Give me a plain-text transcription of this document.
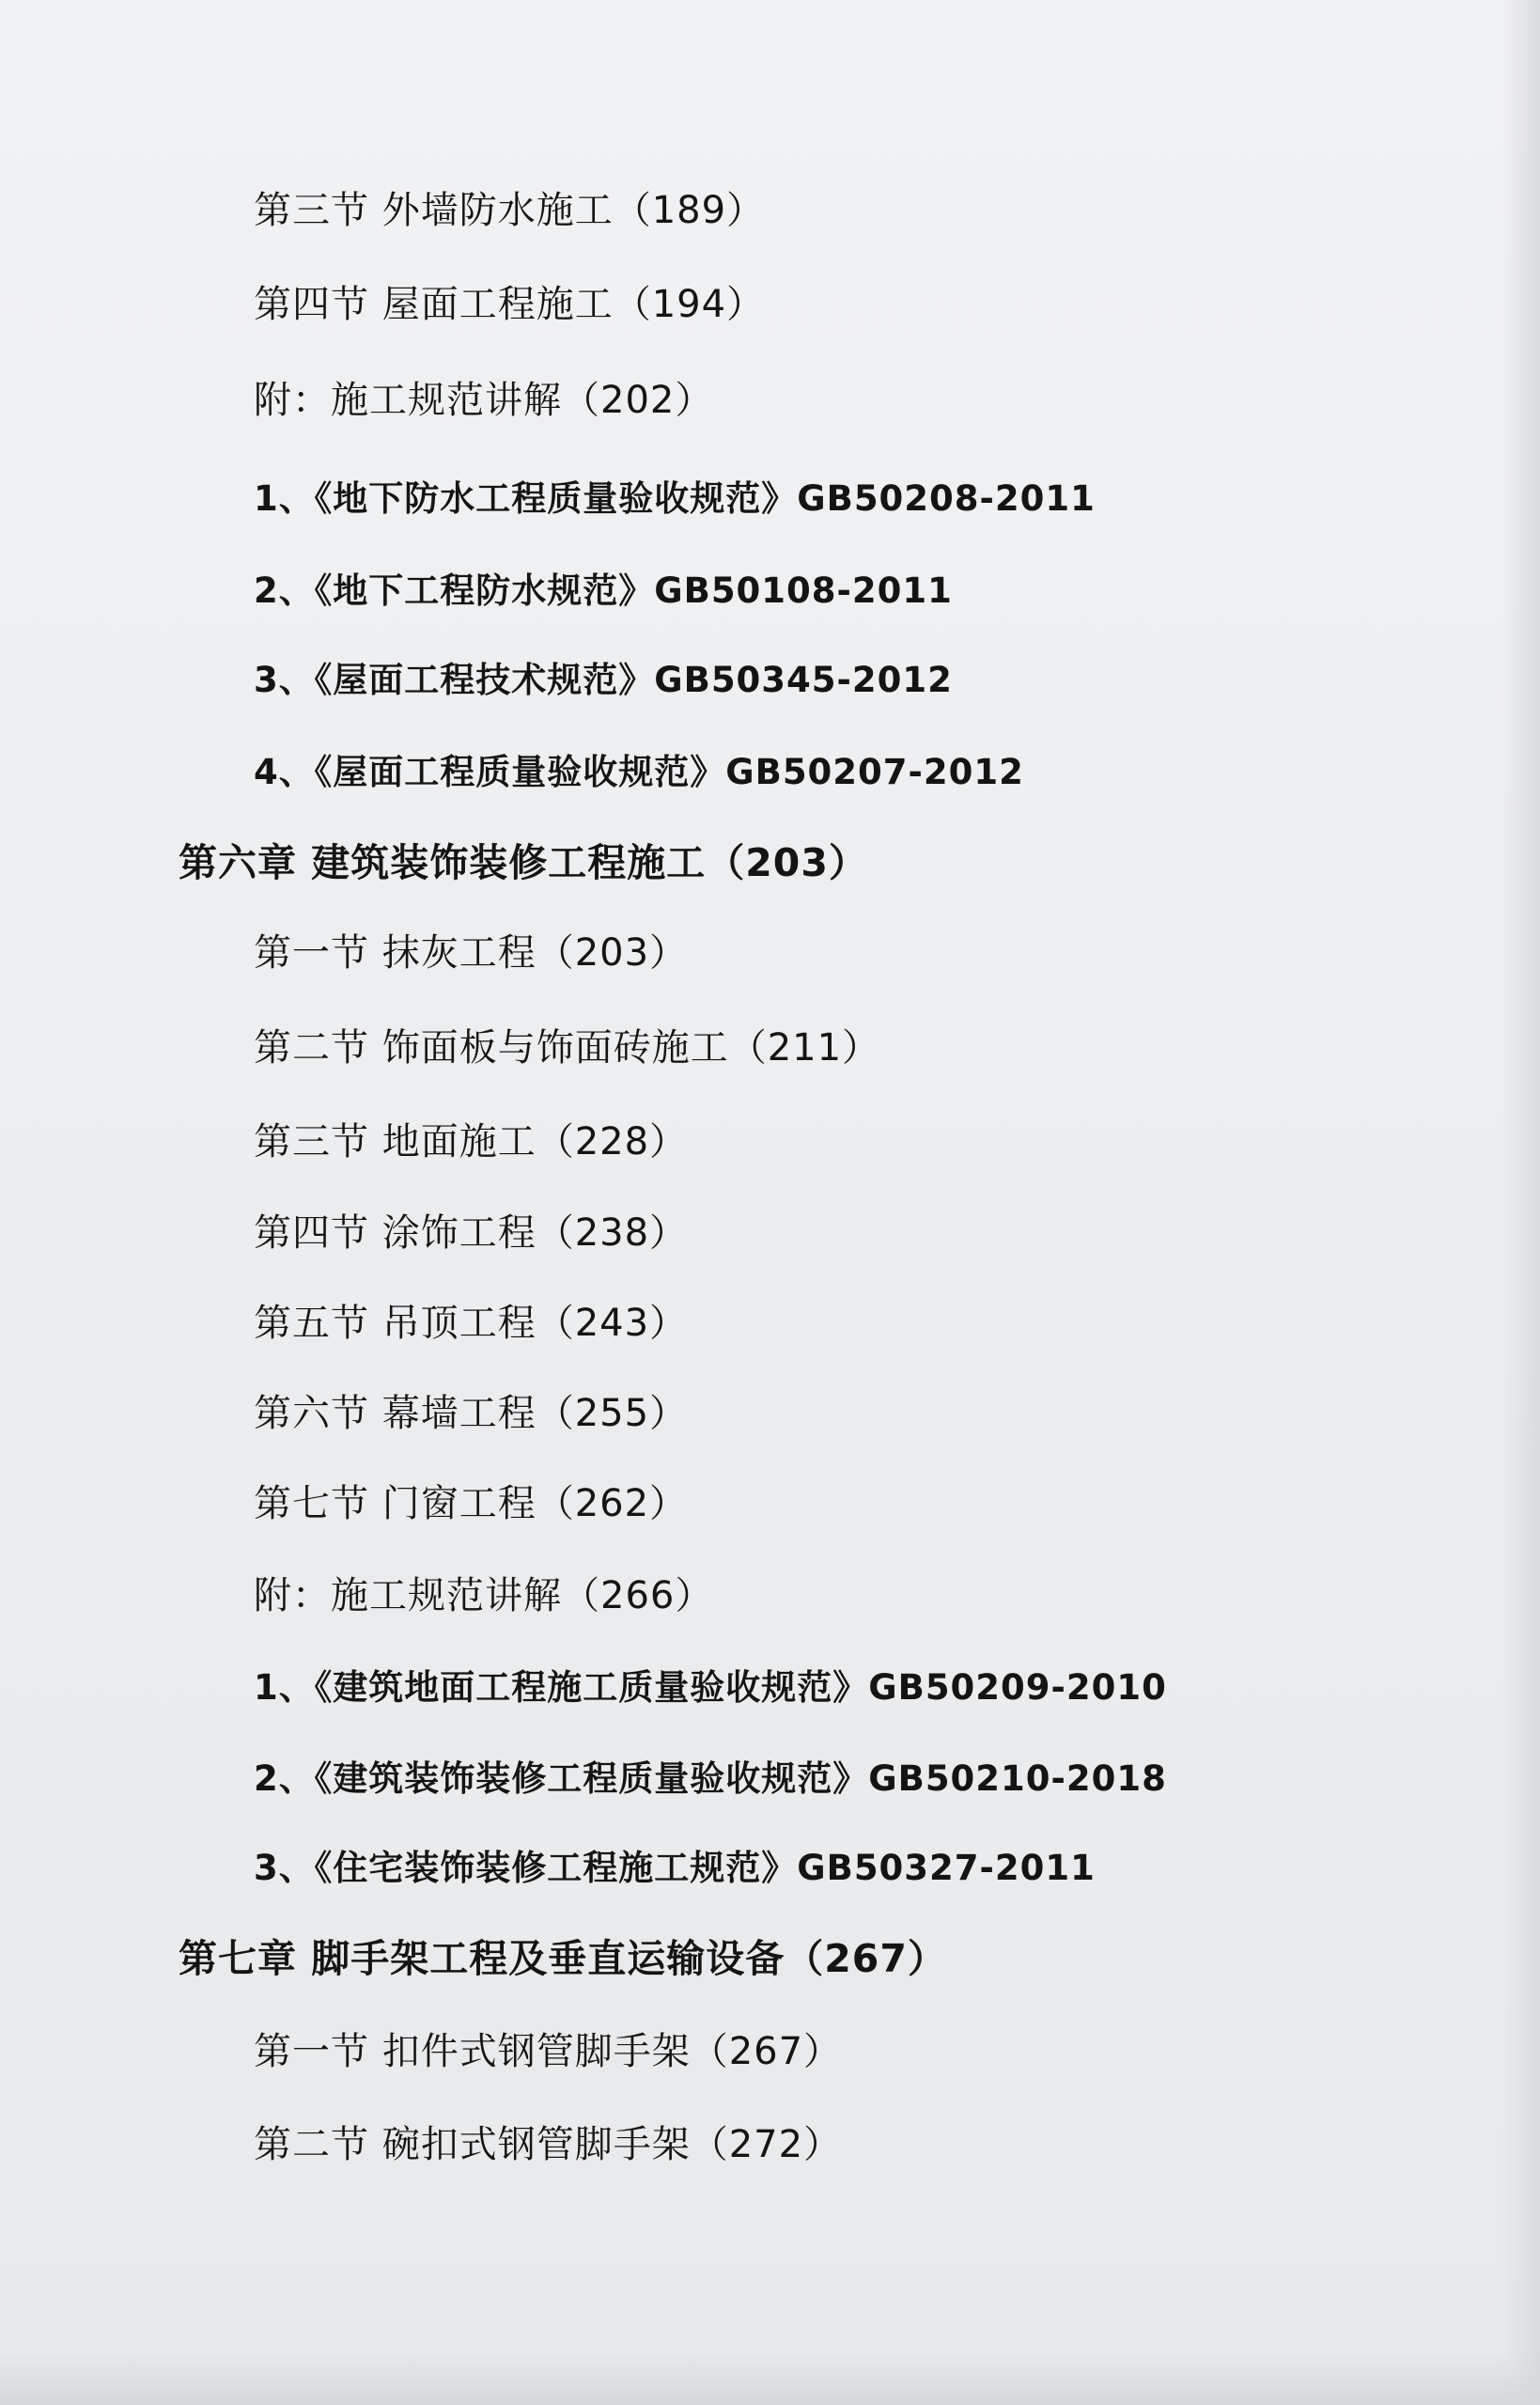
第三节 外墙防水施工（189）
第四节 屋面工程施工（194）
附：施工规范讲解（202）
1、《地下防水工程质量验收规范》GB50208-2011
2、《地下工程防水规范》GB50108-2011
3、《屋面工程技术规范》GB50345-2012
4、《屋面工程质量验收规范》GB50207-2012
第六章 建筑装饰装修工程施工（203）
第一节 抹灰工程（203）
第二节 饰面板与饰面砖施工（211）
第三节 地面施工（228）
第四节 涂饰工程（238）
第五节 吊顶工程（243）
第六节 幕墙工程（255）
第七节 门窗工程（262）
附：施工规范讲解（266）
1、《建筑地面工程施工质量验收规范》GB50209-2010
2、《建筑装饰装修工程质量验收规范》GB50210-2018
3、《住宅装饰装修工程施工规范》GB50327-2011
第七章 脚手架工程及垂直运输设备（267）
第一节 扣件式钢管脚手架（267）
第二节 碗扣式钢管脚手架（272）
